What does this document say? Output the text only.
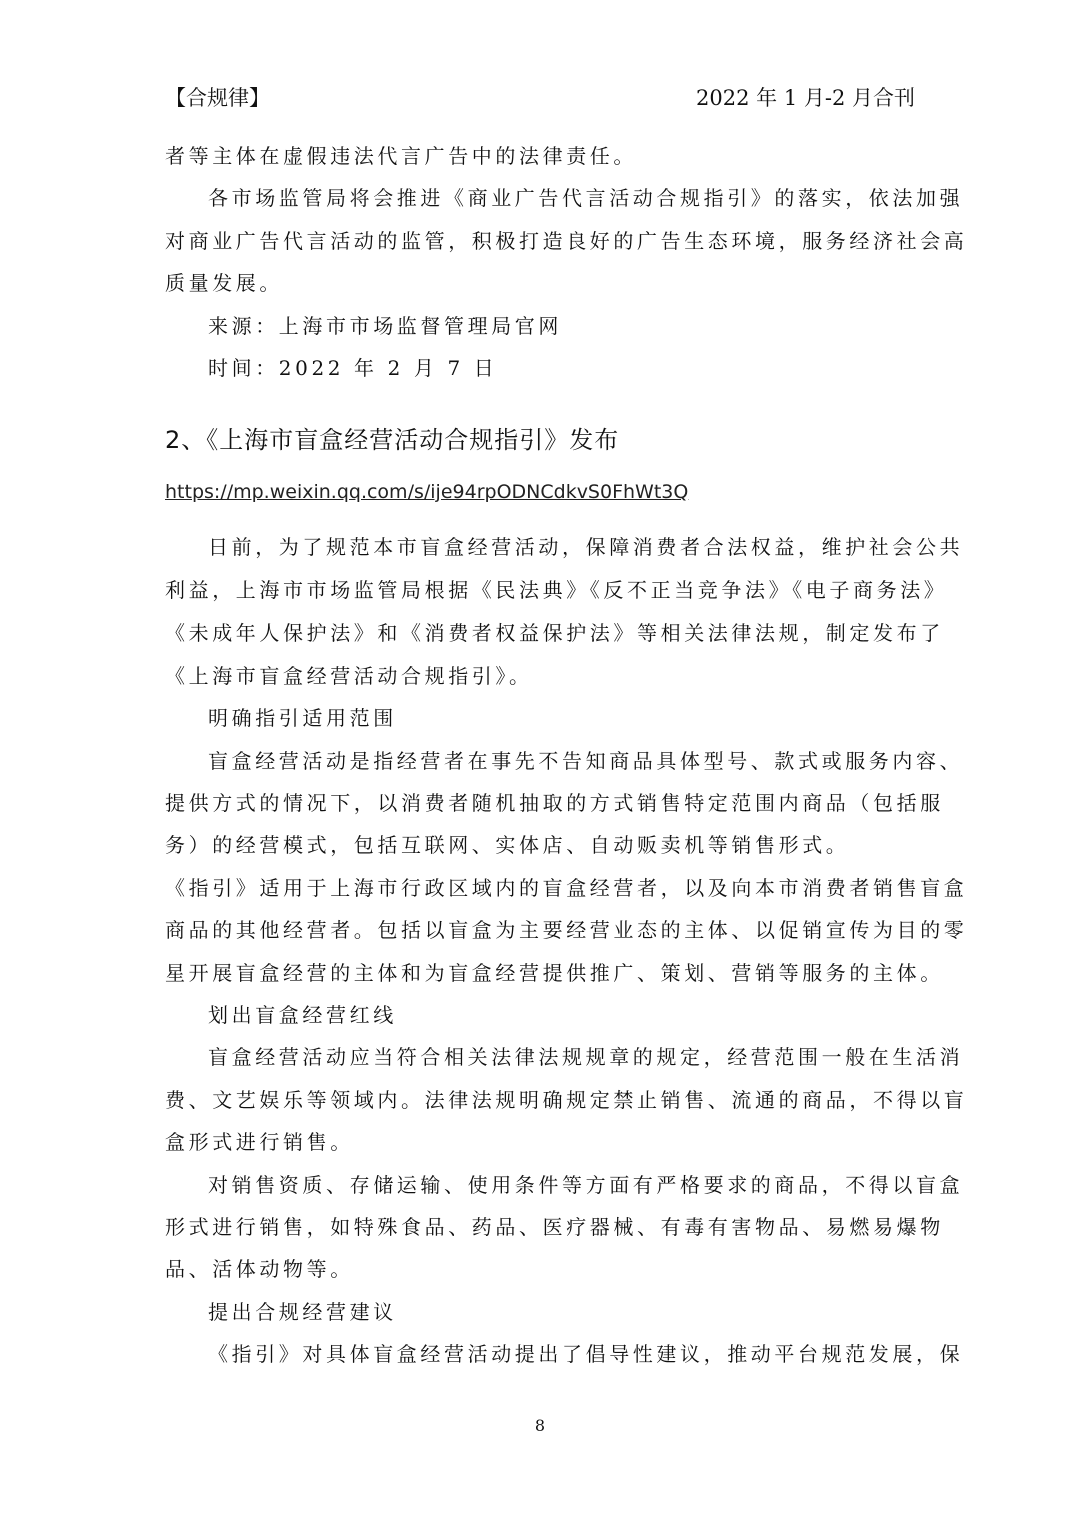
【合规律】	2022 年 1 月-2 月合刊
者等主体在虚假违法代言广告中的法律责任。
各市场监管局将会推进《商业广告代言活动合规指引》的落实，依法加强
对商业广告代言活动的监管，积极打造良好的广告生态环境，服务经济社会高
质量发展。
来源：上海市市场监督管理局官网
时间：2022 年 2 月 7 日
2、《上海市盲盒经营活动合规指引》发布
https://mp.weixin.qq.com/s/ije94rpODNCdkvS0FhWt3Q
日前，为了规范本市盲盒经营活动，保障消费者合法权益，维护社会公共
利益，上海市市场监管局根据《民法典》《反不正当竞争法》《电子商务法》
《未成年人保护法》和《消费者权益保护法》等相关法律法规，制定发布了
《上海市盲盒经营活动合规指引》。
明确指引适用范围
盲盒经营活动是指经营者在事先不告知商品具体型号、款式或服务内容、
提供方式的情况下，以消费者随机抽取的方式销售特定范围内商品（包括服
务）的经营模式，包括互联网、实体店、自动贩卖机等销售形式。
《指引》适用于上海市行政区域内的盲盒经营者，以及向本市消费者销售盲盒
商品的其他经营者。包括以盲盒为主要经营业态的主体、以促销宣传为目的零
星开展盲盒经营的主体和为盲盒经营提供推广、策划、营销等服务的主体。
划出盲盒经营红线
盲盒经营活动应当符合相关法律法规规章的规定，经营范围一般在生活消
费、文艺娱乐等领域内。法律法规明确规定禁止销售、流通的商品，不得以盲
盒形式进行销售。
对销售资质、存储运输、使用条件等方面有严格要求的商品，不得以盲盒
形式进行销售，如特殊食品、药品、医疗器械、有毒有害物品、易燃易爆物
品、活体动物等。
提出合规经营建议
《指引》对具体盲盒经营活动提出了倡导性建议，推动平台规范发展，保
8
